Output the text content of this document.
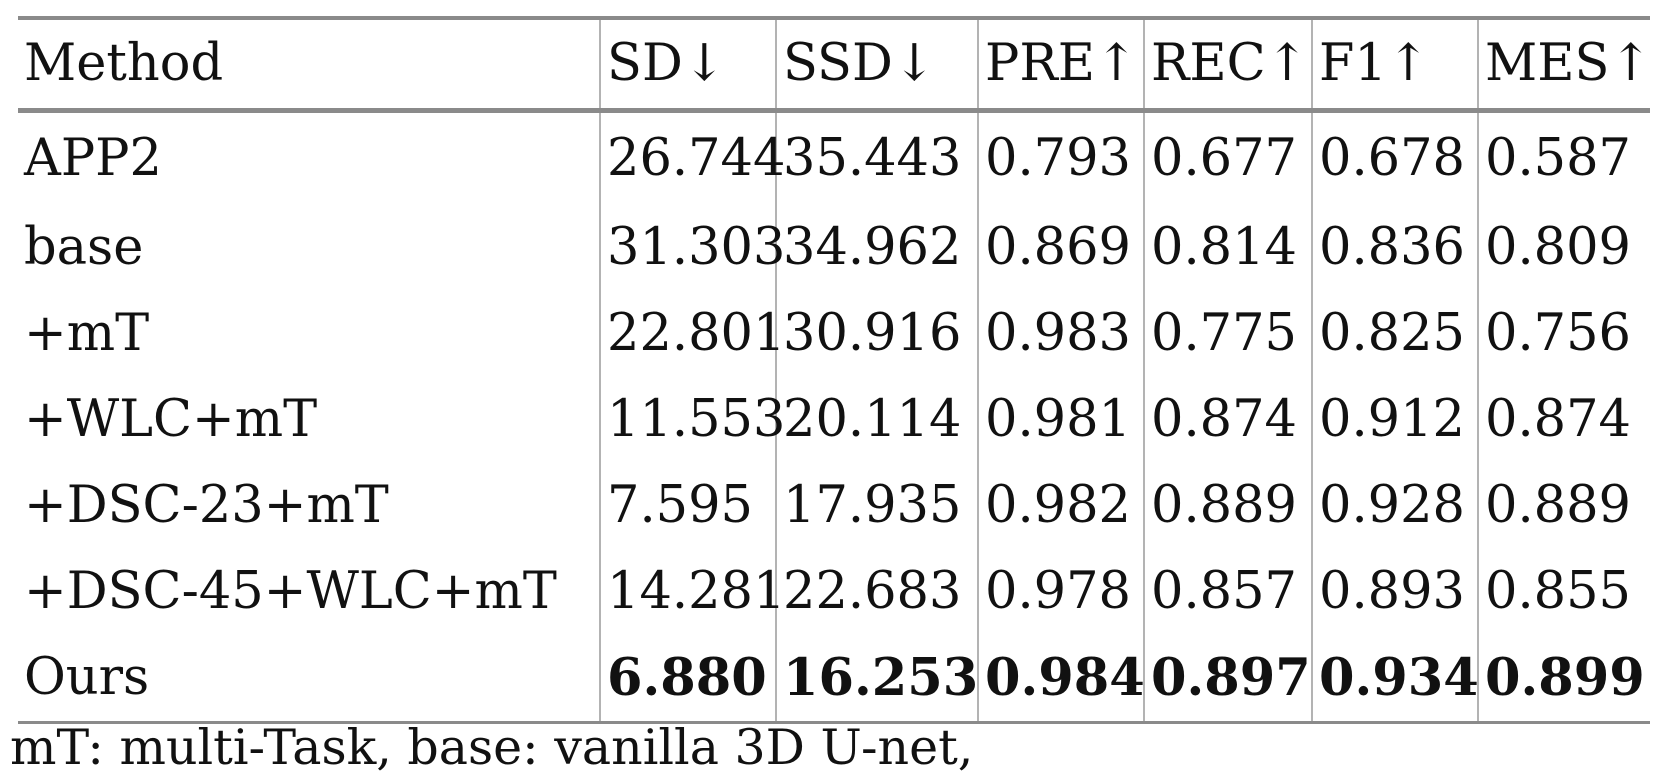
Method	SD↓	SSD↓	PRE↑	REC↑	F1↑	MES↑
APP2	26.744	35.443	0.793	0.677	0.678	0.587
base	31.303	34.962	0.869	0.814	0.836	0.809
+mT	22.801	30.916	0.983	0.775	0.825	0.756
+WLC+mT	11.553	20.114	0.981	0.874	0.912	0.874
+DSC-23+mT	7.595	17.935	0.982	0.889	0.928	0.889
+DSC-45+WLC+mT	14.281	22.683	0.978	0.857	0.893	0.855
Ours	6.880	16.253	0.984	0.897	0.934	0.899
mT: multi-Task, base: vanilla 3D U-net,
